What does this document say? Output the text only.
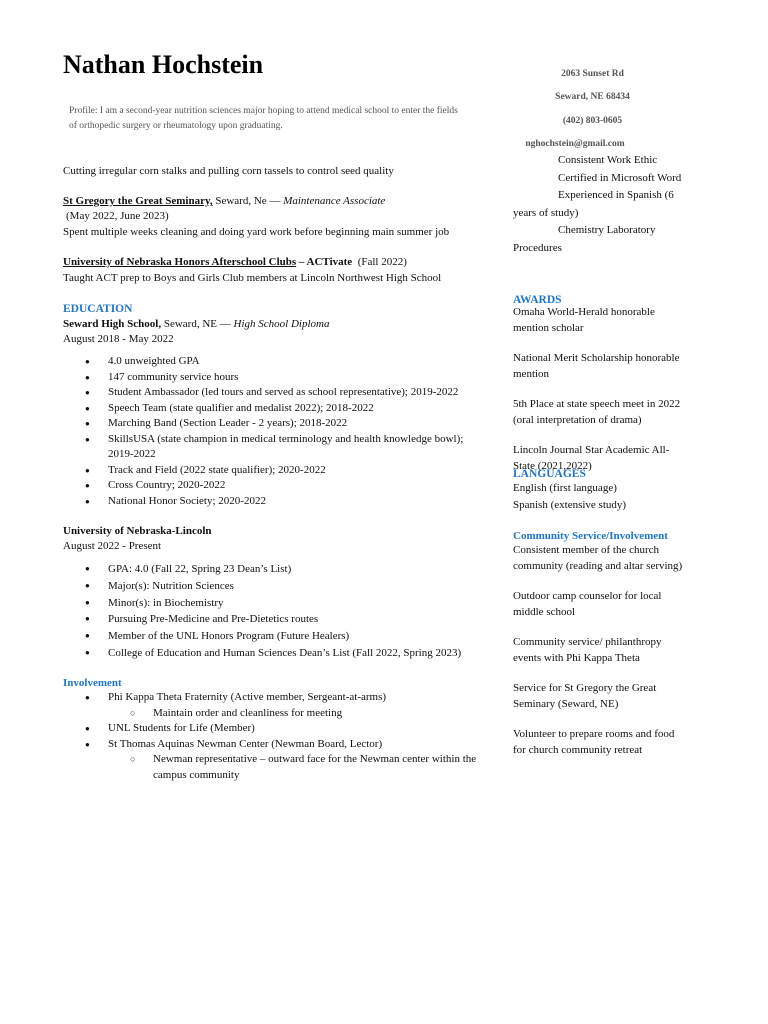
Nathan Hochstein
Profile: I am a second-year nutrition sciences major hoping to attend medical school to enter the fields of orthopedic surgery or rheumatology upon graduating.
2063 Sunset Rd
Seward, NE 68434
(402) 803-0605
nghochstein@gmail.com
Consistent Work Ethic
Certified in Microsoft Word
Experienced in Spanish (6 years of study)
Chemistry Laboratory Procedures
Cutting irregular corn stalks and pulling corn tassels to control seed quality
St Gregory the Great Seminary, Seward, Ne — Maintenance Associate
(May 2022, June 2023)
Spent multiple weeks cleaning and doing yard work before beginning main summer job
University of Nebraska Honors Afterschool Clubs – ACTivate  (Fall 2022)
Taught ACT prep to Boys and Girls Club members at Lincoln Northwest High School
EDUCATION
Seward High School, Seward, NE — High School Diploma
August 2018 - May 2022
● 4.0 unweighted GPA
● 147 community service hours
● Student Ambassador (led tours and served as school representative); 2019-2022
● Speech Team (state qualifier and medalist 2022); 2018-2022
● Marching Band (Section Leader - 2 years); 2018-2022
● SkillsUSA (state champion in medical terminology and health knowledge bowl); 2019-2022
● Track and Field (2022 state qualifier); 2020-2022
● Cross Country; 2020-2022
● National Honor Society; 2020-2022
University of Nebraska-Lincoln
August 2022 - Present
● GPA: 4.0 (Fall 22, Spring 23 Dean’s List)
● Major(s): Nutrition Sciences
● Minor(s): in Biochemistry
● Pursuing Pre-Medicine and Pre-Dietetics routes
● Member of the UNL Honors Program (Future Healers)
● College of Education and Human Sciences Dean’s List (Fall 2022, Spring 2023)
Involvement
● Phi Kappa Theta Fraternity (Active member, Sergeant-at-arms)
○ Maintain order and cleanliness for meeting
● UNL Students for Life (Member)
● St Thomas Aquinas Newman Center (Newman Board, Lector)
○ Newman representative – outward face for the Newman center within the campus community
AWARDS

Omaha World-Herald honorable mention scholar

National Merit Scholarship honorable mention

5th Place at state speech meet in 2022 (oral interpretation of drama)

Lincoln Journal Star Academic All-State (2021,2022)

LANGUAGES
English (first language)
Spanish (extensive study)
Community Service/Involvement

Consistent member of the church community (reading and altar serving)

Outdoor camp counselor for local middle school

Community service/ philanthropy events with Phi Kappa Theta

Service for St Gregory the Great Seminary (Seward, NE)

Volunteer to prepare rooms and food for church community retreat
